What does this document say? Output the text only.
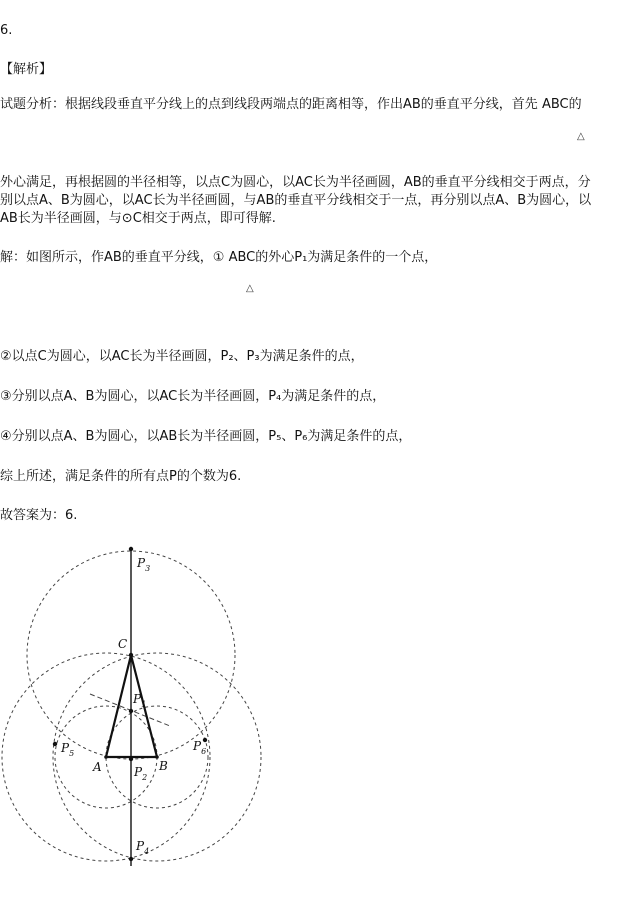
6.
【解析】
试题分析：根据线段垂直平分线上的点到线段两端点的距离相等，作出AB的垂直平分线，首先 ABC的
△
外心满足，再根据圆的半径相等，以点C为圆心，以AC长为半径画圆，AB的垂直平分线相交于两点，分
别以点A、B为圆心，以AC长为半径画圆，与AB的垂直平分线相交于一点，再分别以点A、B为圆心，以
AB长为半径画圆，与⊙C相交于两点，即可得解.
解：如图所示，作AB的垂直平分线，① ABC的外心P₁为满足条件的一个点，
△
②以点C为圆心，以AC长为半径画圆，P₂、P₃为满足条件的点，
③分别以点A、B为圆心，以AC长为半径画圆，P₄为满足条件的点，
④分别以点A、B为圆心，以AB长为半径画圆，P₅、P₆为满足条件的点，
综上所述，满足条件的所有点P的个数为6.
故答案为：6.
$P_3$
C
$P_1$
$P_5$
$P_6$
A	B
$P_2$
$P_4$
